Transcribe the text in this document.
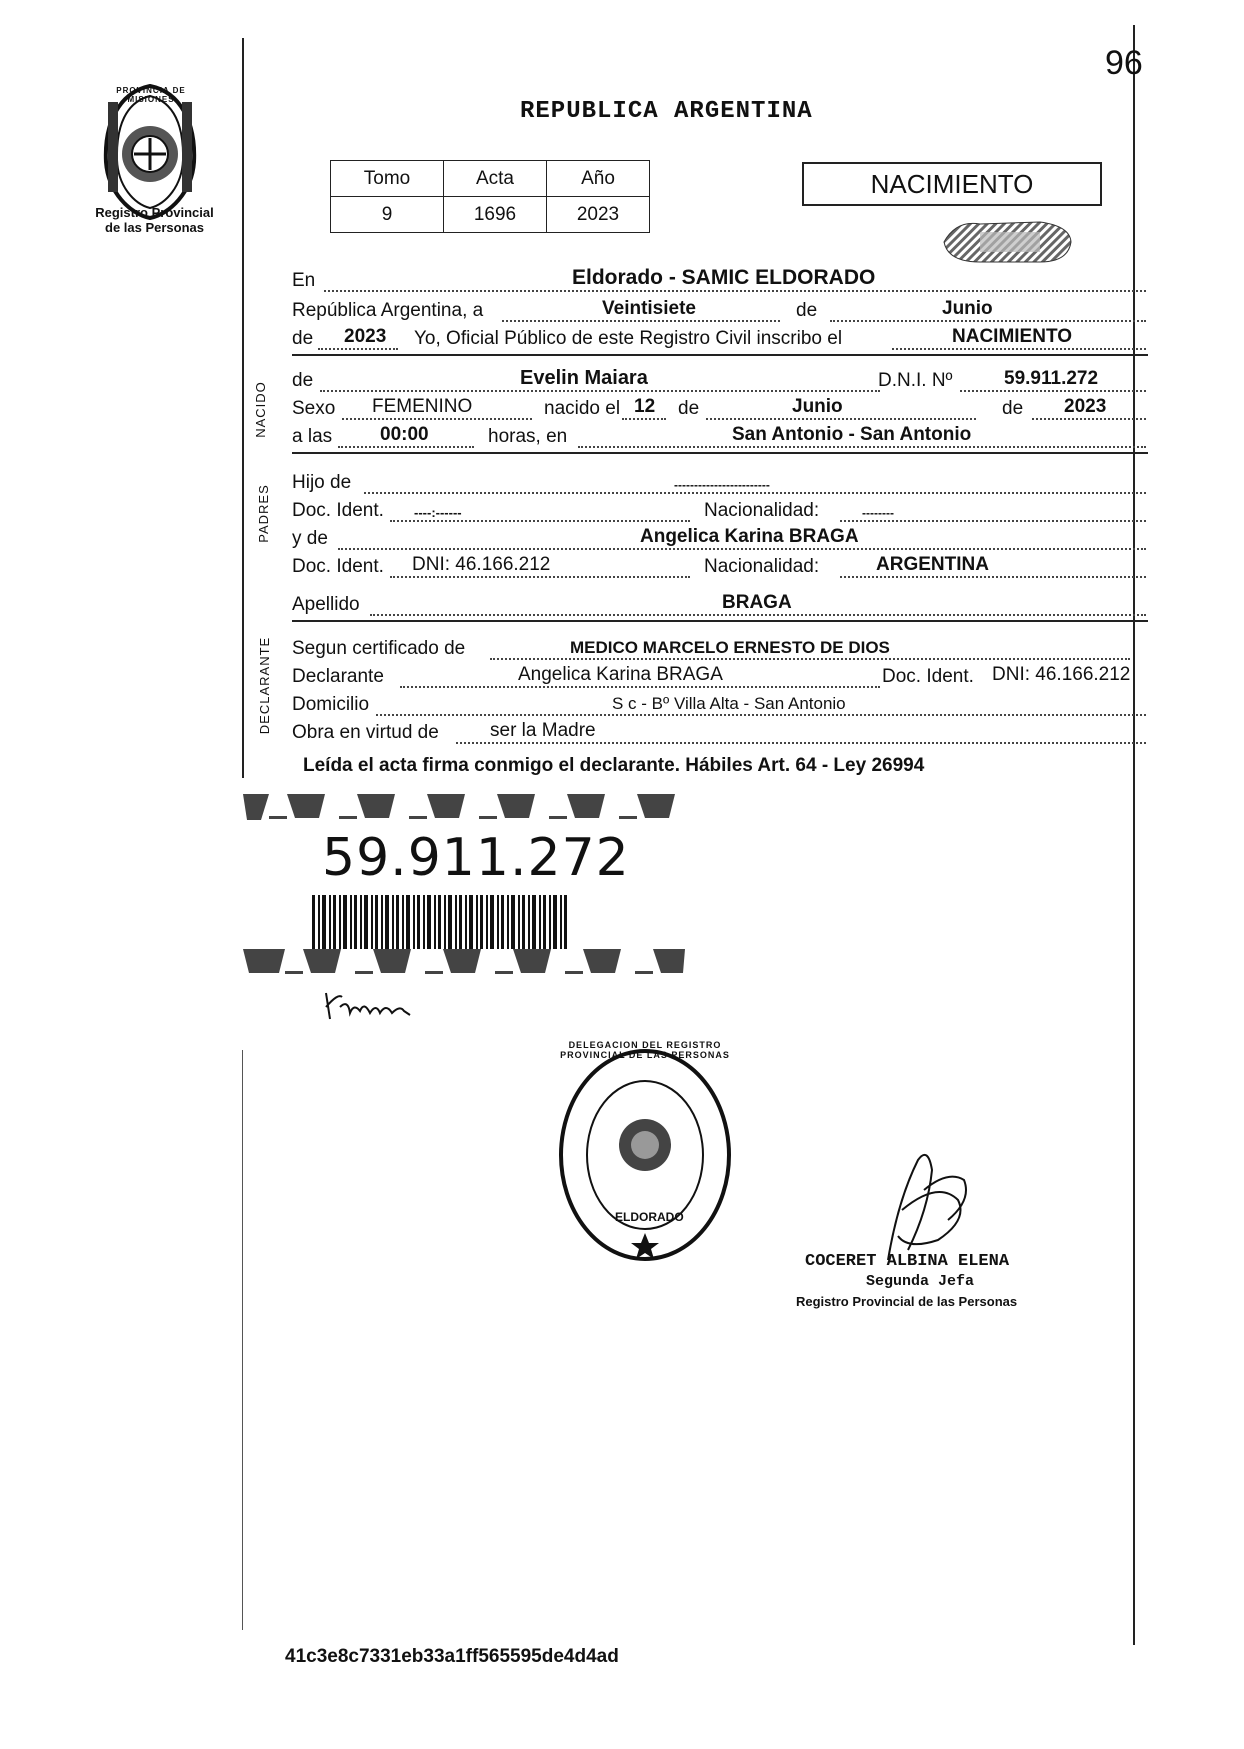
96
PROVINCIA DE MISIONES
Registro Provincial
de las Personas
REPUBLICA ARGENTINA
Tomo	Acta	Año
9	1696	2023
NACIMIENTO
En	Eldorado - SAMIC ELDORADO
República Argentina, a	Veintisiete	de	Junio
de 2023 Yo, Oficial Público de este Registro Civil inscribo el	NACIMIENTO
NACIDO
de	Evelin Maiara	D.N.I. Nº	59.911.272
Sexo FEMENINO	nacido el 12 de	Junio	de 2023
a las	00:00	horas, en	San Antonio - San Antonio
PADRES
Hijo de	------------------------
Doc. Ident. ----:------	Nacionalidad:	--------
y de	Angelica Karina BRAGA
Doc. Ident. DNI: 46.166.212	Nacionalidad:	ARGENTINA
Apellido	BRAGA
DECLARANTE Segun certificado de	MEDICO MARCELO ERNESTO DE DIOS
Declarante	Angelica Karina BRAGA	Doc. Ident. DNI: 46.166.212
Domicilio	S c - Bº Villa Alta - San Antonio
Obra en virtud de	ser la Madre
Leída el acta firma conmigo el declarante. Hábiles Art. 64 - Ley 26994
59.911.272
DELEGACION DEL REGISTRO PROVINCIAL DE LAS PERSONAS
ELDORADO
COCERET ALBINA ELENA
Segunda Jefa
Registro Provincial de las Personas
41c3e8c7331eb33a1ff565595de4d4ad
